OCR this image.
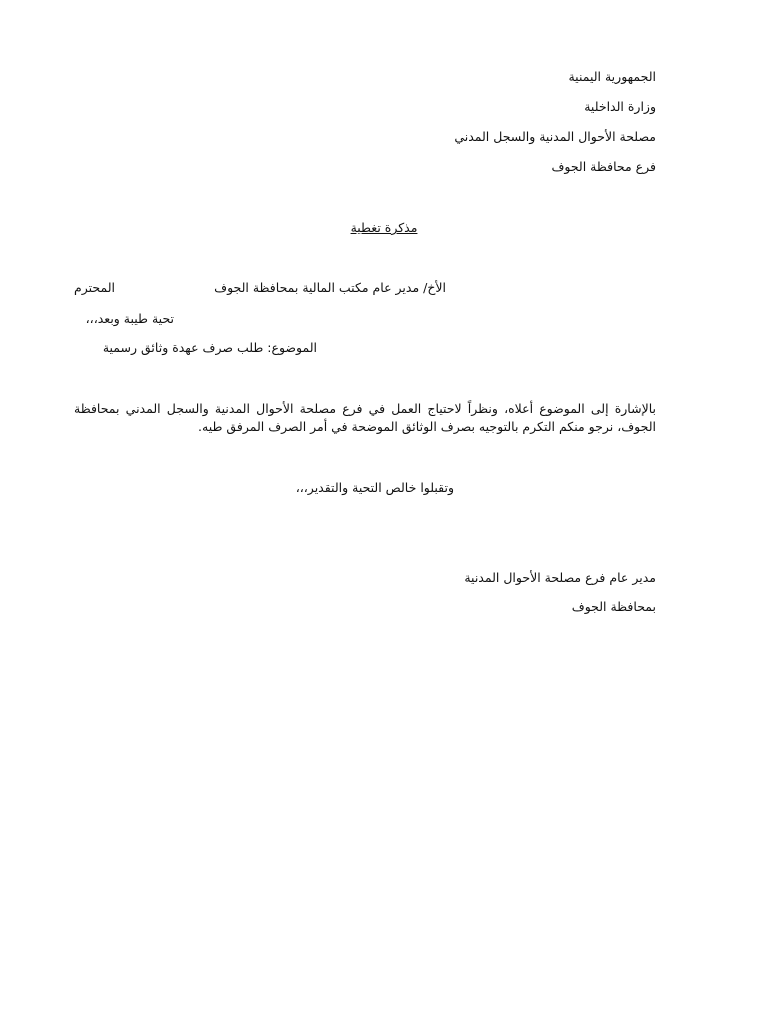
الجمهورية اليمنية
وزارة الداخلية
مصلحة الأحوال المدنية والسجل المدني
فرع محافظة الجوف
مذكرة تغطية
الأخ/ مدير عام مكتب المالية بمحافظة الجوف
المحترم
تحية طيبة وبعد،،،
الموضوع: طلب صرف عهدة وثائق رسمية
بالإشارة إلى الموضوع أعلاه، ونظراً لاحتياج العمل في فرع مصلحة الأحوال المدنية والسجل المدني بمحافظة الجوف، نرجو منكم التكرم بالتوجيه بصرف الوثائق الموضحة في أمر الصرف المرفق طيه.
وتقبلوا خالص التحية والتقدير،،،
مدير عام فرع مصلحة الأحوال المدنية
بمحافظة الجوف
